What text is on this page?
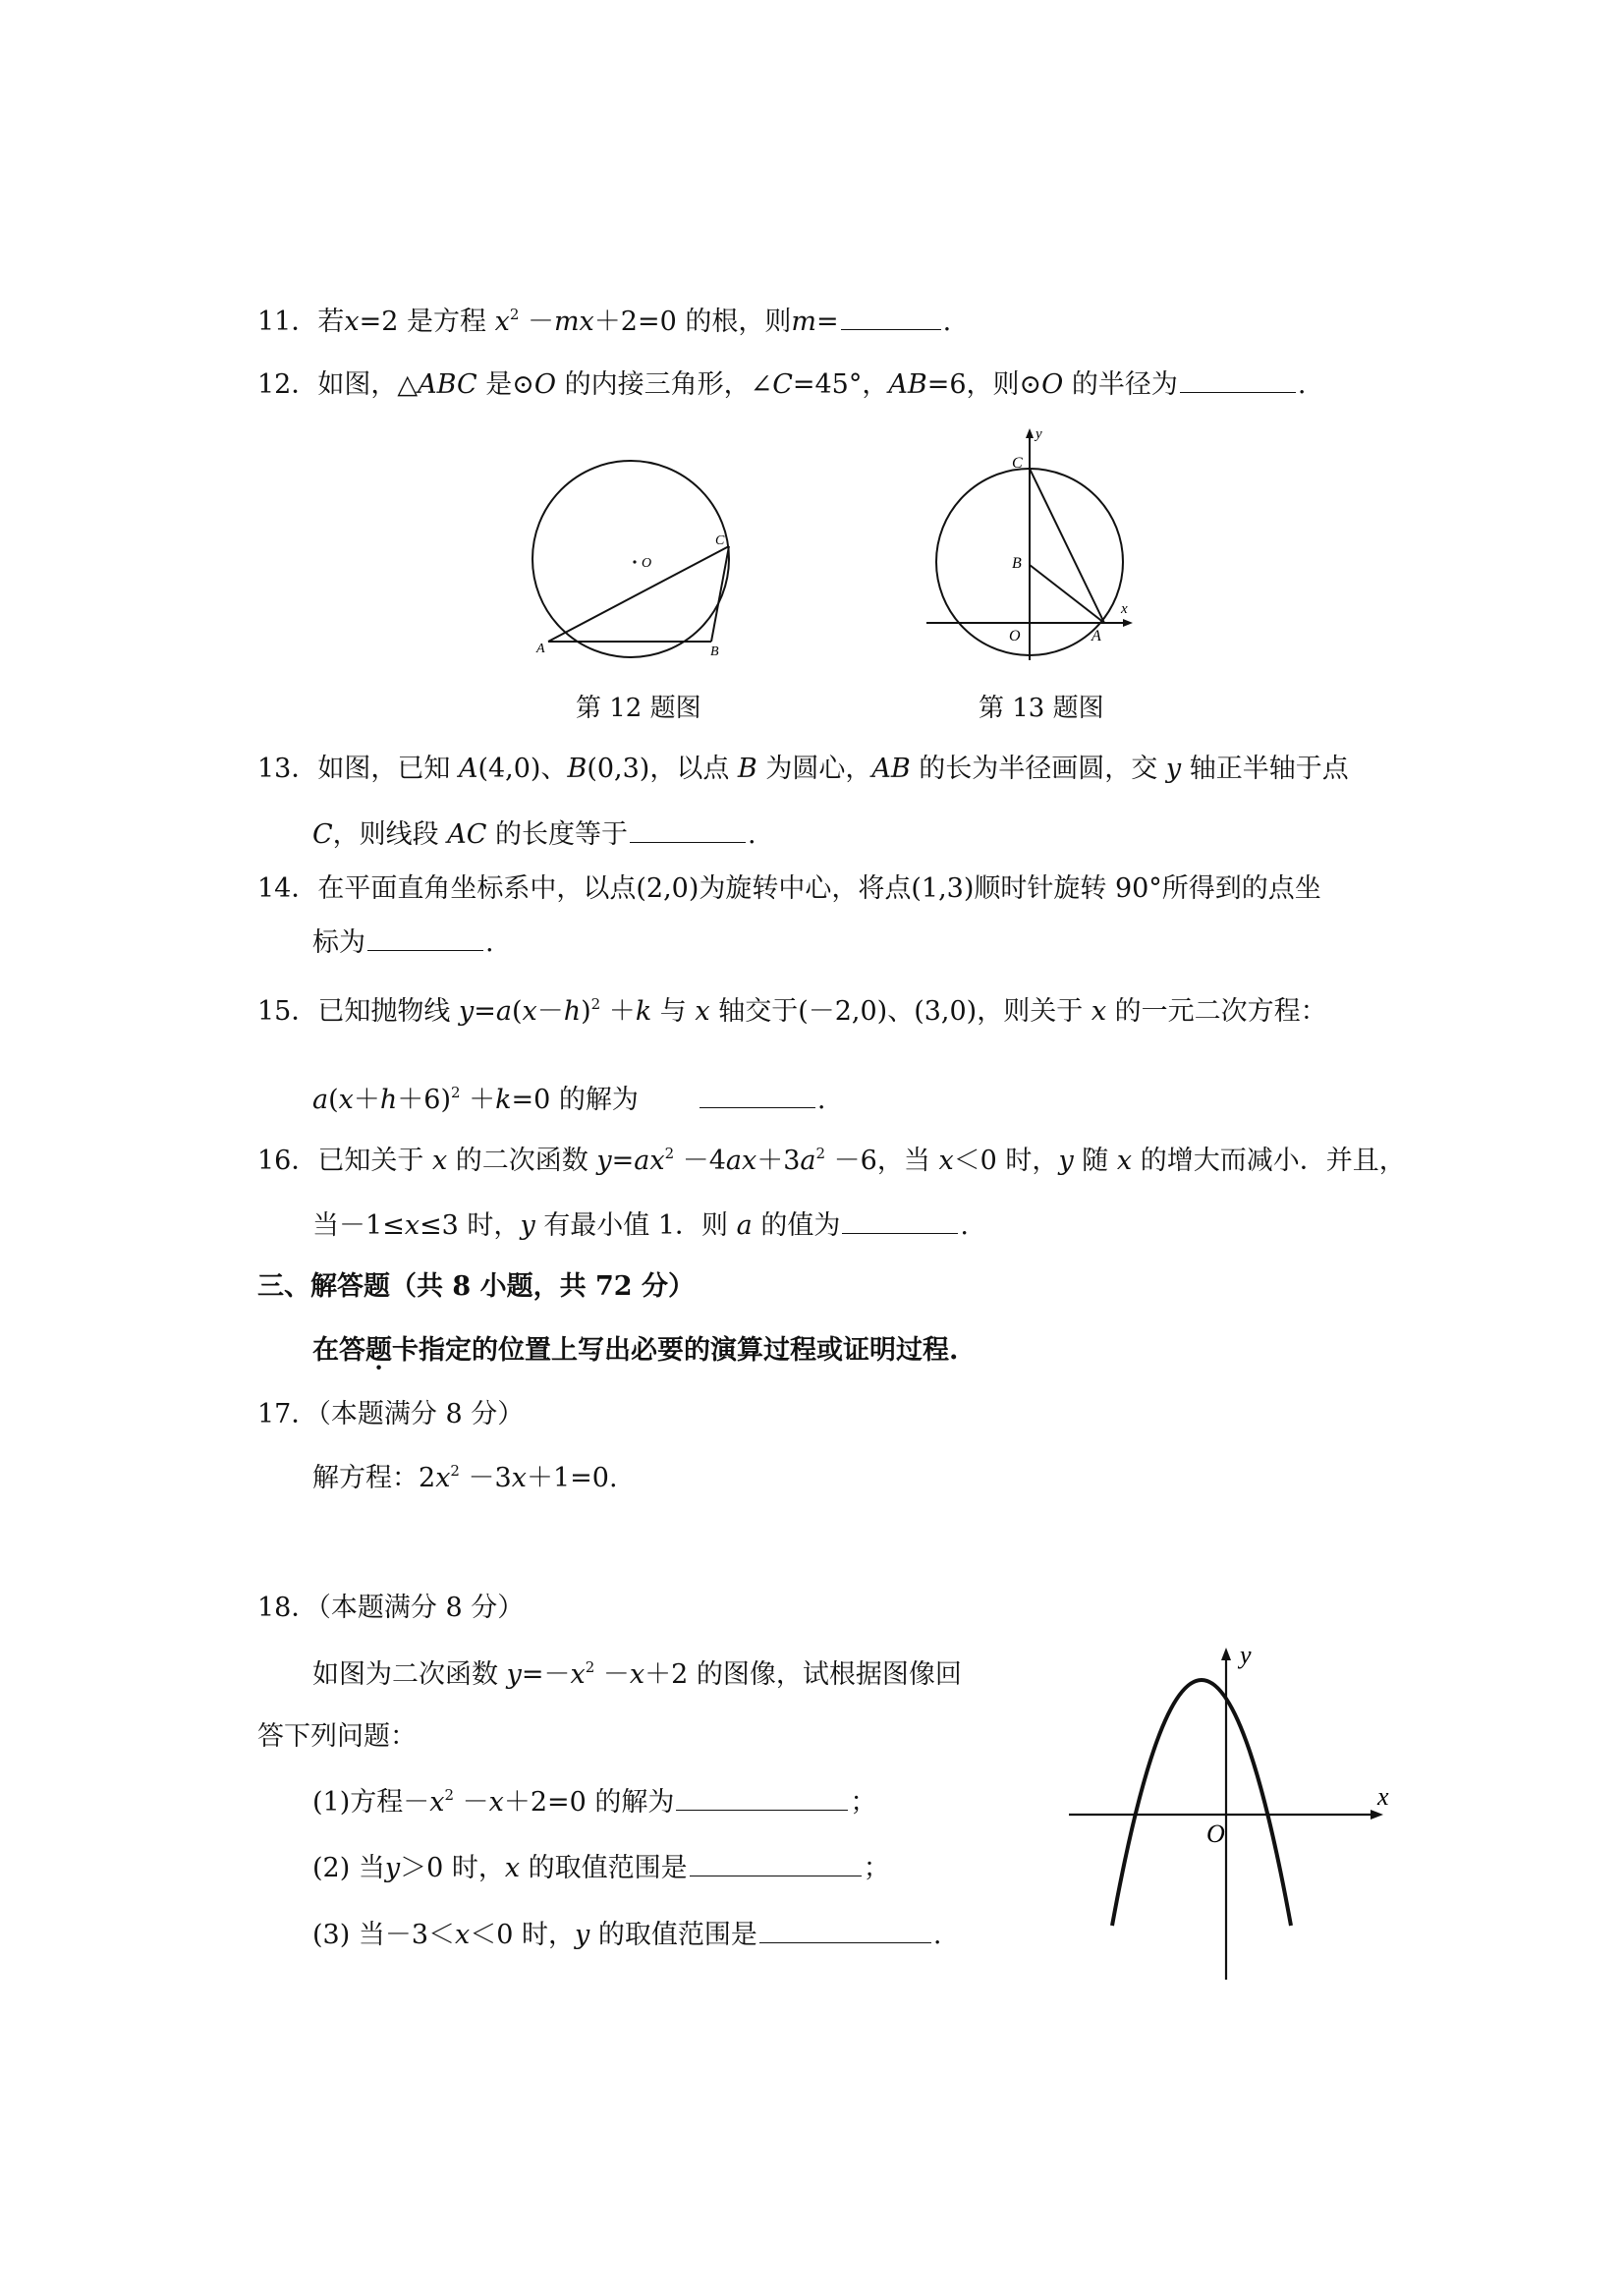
11．若x=2 是方程 $x^2 -mx+2=0$ 的根，则m=	.
12．如图，△ABC 是⊙O 的内接三角形，∠C=45°，AB=6，则⊙O 的半径为	.
O
A	B
C
第 12 题图
y
x
C
B
O	A
第 13 题图
13．如图，已知 A(4,0)、B(0,3)，以点 B 为圆心，AB 的长为半径画圆，交 y 轴正半轴于点
C，则线段 AC 的长度等于	.
14．在平面直角坐标系中，以点(2,0)为旋转中心，将点(1,3)顺时针旋转 90°所得到的点坐
标为	.
15．已知抛物线 $y=a(x-h)^2 +k$ 与 x 轴交于(－2,0)、(3,0)，则关于 x 的一元二次方程：
$a(x+h+6)^2 +k=0$ 的解为	.
16．已知关于 x 的二次函数 $y=ax^2 -4ax+3a^2 -6$，当 x＜0 时，y 随 x 的增大而减小．并且，
当－1≤x≤3 时，y 有最小值 1．则 a 的值为	.
三、解答题（共 8 小题，共 72 分）
在答题卡指定的位置上写出必要的演算过程或证明过程.
17．（本题满分 8 分）
解方程：$2x^2 -3x+1=0$.
18．（本题满分 8 分）
如图为二次函数 $y=-x^2 -x+2$ 的图像，试根据图像回
答下列问题：
(1)方程$-x^2 -x+2=0$ 的解为	；
(2) 当y＞0 时，x 的取值范围是	；
(3) 当－3＜x＜0 时，y 的取值范围是	.
y
x
O
